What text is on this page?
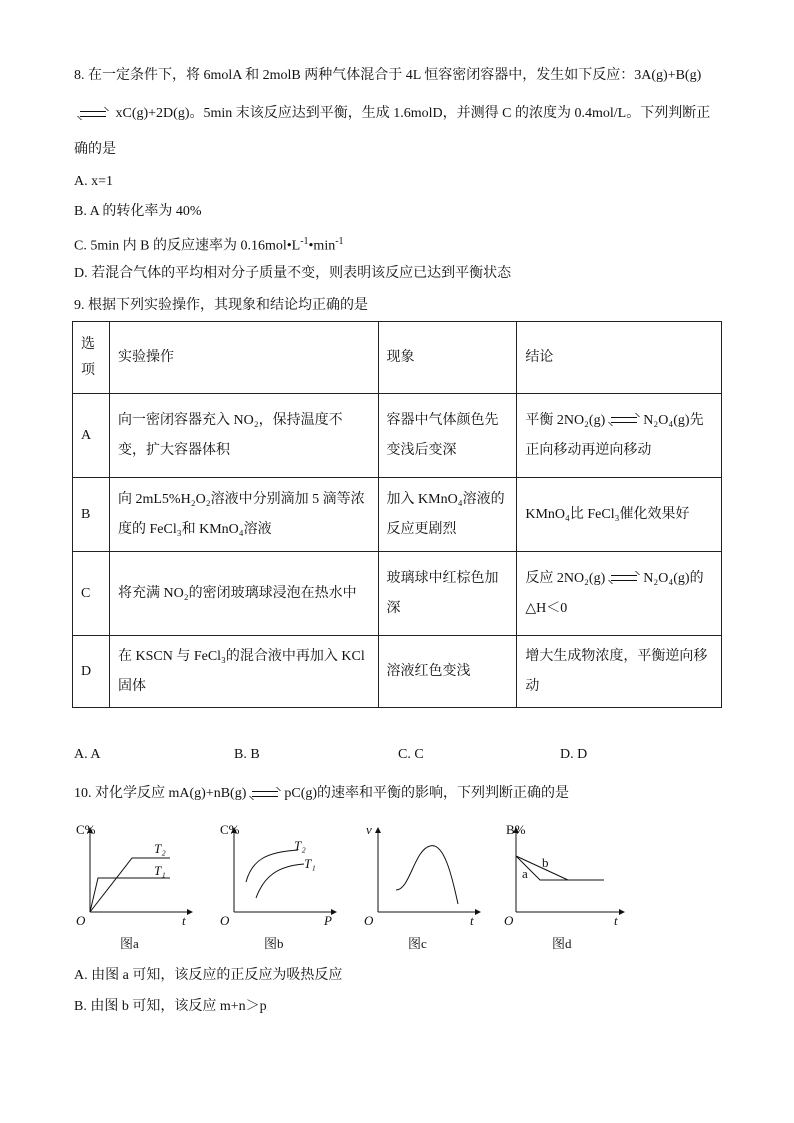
8. 在一定条件下，将 6molA 和 2molB 两种气体混合于 4L 恒容密闭容器中，发生如下反应：3A(g)+B(g)
xC(g)+2D(g)。5min 末该反应达到平衡，生成 1.6molD，并测得 C 的浓度为 0.4mol/L。下列判断正
确的是
A. x=1
B. A 的转化率为 40%
C. 5min 内 B 的反应速率为 $0.16mol•L^{-1}•\min^{-1}$
D. 若混合气体的平均相对分子质量不变，则表明该反应已达到平衡状态
9. 根据下列实验操作，其现象和结论均正确的是
选
项	实验操作	现象	结论
A	向一密闭容器充入 NO₂，保持温度不变，扩大容器体积	容器中气体颜色先变浅后变深	平衡 2NO₂(g) N₂O₄(g)先正向移动再逆向移动
B	向 2mL5%H₂O₂溶液中分别滴加 5 滴等浓度的 FeCl₃和 KMnO₄溶液	加入 KMnO₄溶液的反应更剧烈	KMnO₄比 FeCl₃催化效果好
C	将充满 NO₂的密闭玻璃球浸泡在热水中	玻璃球中红棕色加深	反应 2NO₂(g) N₂O₄(g)的△H＜0
D	在 KSCN 与 FeCl₃的混合液中再加入 KCl 固体	溶液红色变浅	增大生成物浓度，平衡逆向移动
A. A	B. B	C. C	D. D
10. 对化学反应 mA(g)+nB(g)	pC(g)的速率和平衡的影响，下列判断正确的是
C%
t
O
T₂
T₁
图a
C%
P
O
T₂
T₁
图b
v
t
O
图c
B%
t
O
b
a
图d
A. 由图 a 可知，该反应的正反应为吸热反应
B. 由图 b 可知，该反应 m+n＞p
